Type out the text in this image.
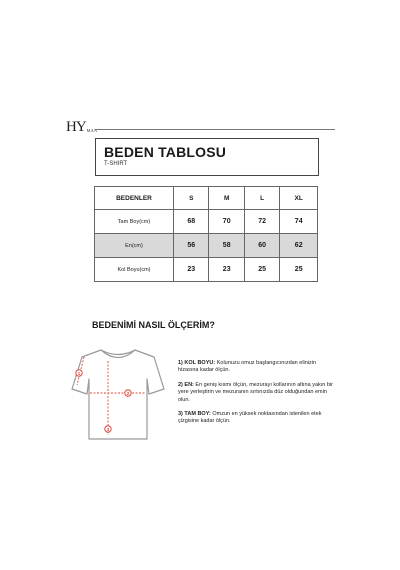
HYMAN
BEDEN TABLOSU
T-SHIRT
BEDENLER	S	M	L	XL
Tam Boy(cm)	68	70	72	74
En(cm)	56	58	60	62
Kol Boyu(cm)	23	23	25	25
BEDENİMİ NASIL ÖLÇERİM?
1
2
3

1) KOL BOYU: Kolunuzu omuz başlangıcınızdan elinizin hizasına kadar ölçün.

2) EN: En geniş kısmı ölçün, mezurayı kollarının altına yakın bir yere yerleştirin ve mezuranın sırtınızda düz olduğundan emin olun.

3) TAM BOY: Omzun en yüksek noktasından istenilen etek çizgisine kadar ölçün.
